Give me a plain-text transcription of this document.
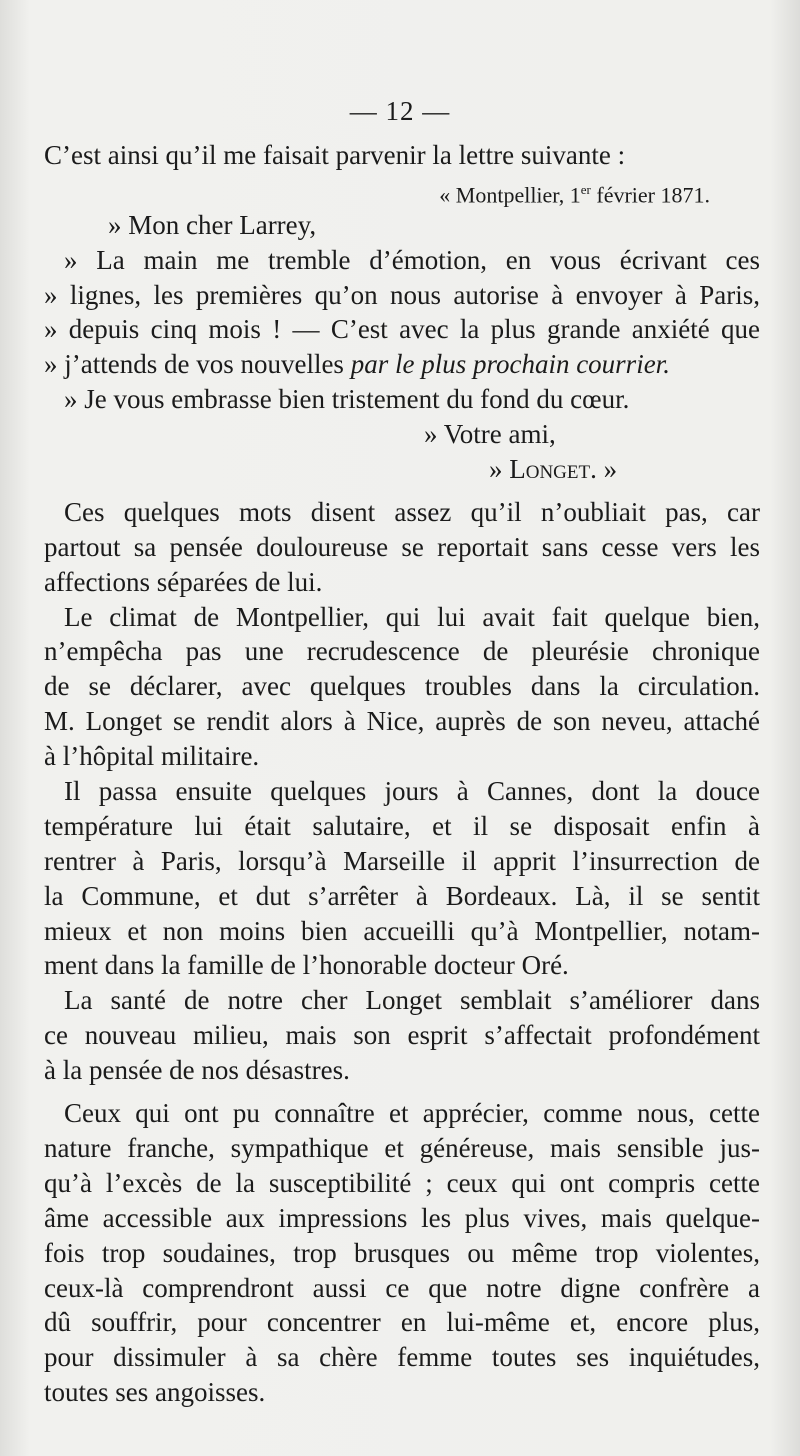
— 12 —
C’est ainsi qu’il me faisait parvenir la lettre suivante :
« Montpellier, 1er février 1871.
» Mon cher Larrey,
» La main me tremble d’émotion, en vous écrivant ces
» lignes, les premières qu’on nous autorise à envoyer à Paris,
» depuis cinq mois ! — C’est avec la plus grande anxiété que
» j’attends de vos nouvelles par le plus prochain courrier.
» Je vous embrasse bien tristement du fond du cœur.
» Votre ami,
» Longet. »
Ces quelques mots disent assez qu’il n’oubliait pas, car
partout sa pensée douloureuse se reportait sans cesse vers les
affections séparées de lui.
Le climat de Montpellier, qui lui avait fait quelque bien,
n’empêcha pas une recrudescence de pleurésie chronique
de se déclarer, avec quelques troubles dans la circulation.
M. Longet se rendit alors à Nice, auprès de son neveu, attaché
à l’hôpital militaire.
Il passa ensuite quelques jours à Cannes, dont la douce
température lui était salutaire, et il se disposait enfin à
rentrer à Paris, lorsqu’à Marseille il apprit l’insurrection de
la Commune, et dut s’arrêter à Bordeaux. Là, il se sentit
mieux et non moins bien accueilli qu’à Montpellier, notam-
ment dans la famille de l’honorable docteur Oré.
La santé de notre cher Longet semblait s’améliorer dans
ce nouveau milieu, mais son esprit s’affectait profondément
à la pensée de nos désastres.
Ceux qui ont pu connaître et apprécier, comme nous, cette
nature franche, sympathique et généreuse, mais sensible jus-
qu’à l’excès de la susceptibilité ; ceux qui ont compris cette
âme accessible aux impressions les plus vives, mais quelque-
fois trop soudaines, trop brusques ou même trop violentes,
ceux-là comprendront aussi ce que notre digne confrère a
dû souffrir, pour concentrer en lui-même et, encore plus,
pour dissimuler à sa chère femme toutes ses inquiétudes,
toutes ses angoisses.
